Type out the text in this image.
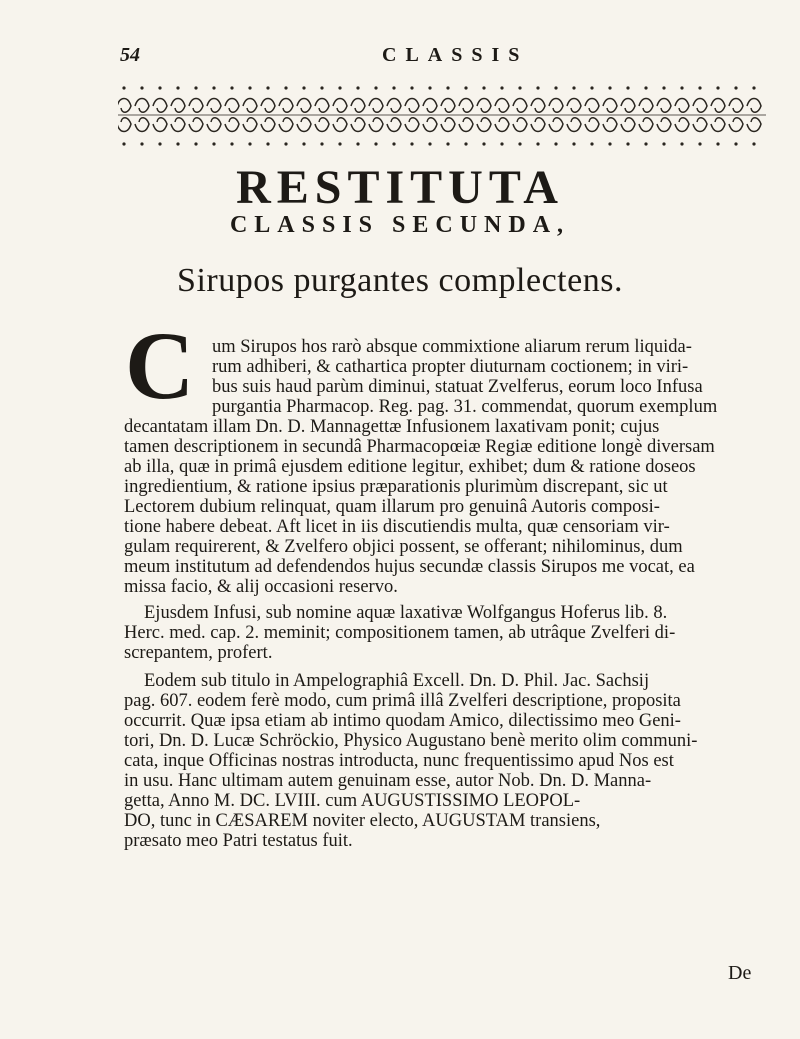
54	CLASSIS
RESTITUTA
CLASSIS SECUNDA,
Sirupos purgantes complectens.
C um Sirupos hos rarò absque commixtione aliarum rerum liquida-
rum adhiberi, & cathartica propter diuturnam coctionem; in viri-
bus suis haud parùm diminui, statuat Zvelferus, eorum loco Infusa
purgantia Pharmacop. Reg. pag. 31. commendat, quorum exemplum
decantatam illam Dn. D. Mannagettæ Infusionem laxativam ponit; cujus
tamen descriptionem in secundâ Pharmacopœiæ Regiæ editione longè diversam
ab illa, quæ in primâ ejusdem editione legitur, exhibet; dum & ratione doseos
ingredientium, & ratione ipsius præparationis plurimùm discrepant, sic ut
Lectorem dubium relinquat, quam illarum pro genuinâ Autoris composi-
tione habere debeat. Aft licet in iis discutiendis multa, quæ censoriam vir-
gulam requirerent, & Zvelfero objici possent, se offerant; nihilominus, dum
meum institutum ad defendendos hujus secundæ classis Sirupos me vocat, ea
missa facio, & alij occasioni reservo.
Ejusdem Infusi, sub nomine aquæ laxativæ Wolfgangus Hoferus lib. 8.
Herc. med. cap. 2. meminit; compositionem tamen, ab utrâque Zvelferi di-
screpantem, profert.
Eodem sub titulo in Ampelographiâ Excell. Dn. D. Phil. Jac. Sachsij
pag. 607. eodem ferè modo, cum primâ illâ Zvelferi descriptione, proposita
occurrit. Quæ ipsa etiam ab intimo quodam Amico, dilectissimo meo Geni-
tori, Dn. D. Lucæ Schröckio, Physico Augustano benè merito olim communi-
cata, inque Officinas nostras introducta, nunc frequentissimo apud Nos est
in usu. Hanc ultimam autem genuinam esse, autor Nob. Dn. D. Manna-
getta, Anno M. DC. LVIII. cum AUGUSTISSIMO LEOPOL-
DO, tunc in CÆSAREM noviter electo, AUGUSTAM transiens,
præsato meo Patri testatus fuit.
De
